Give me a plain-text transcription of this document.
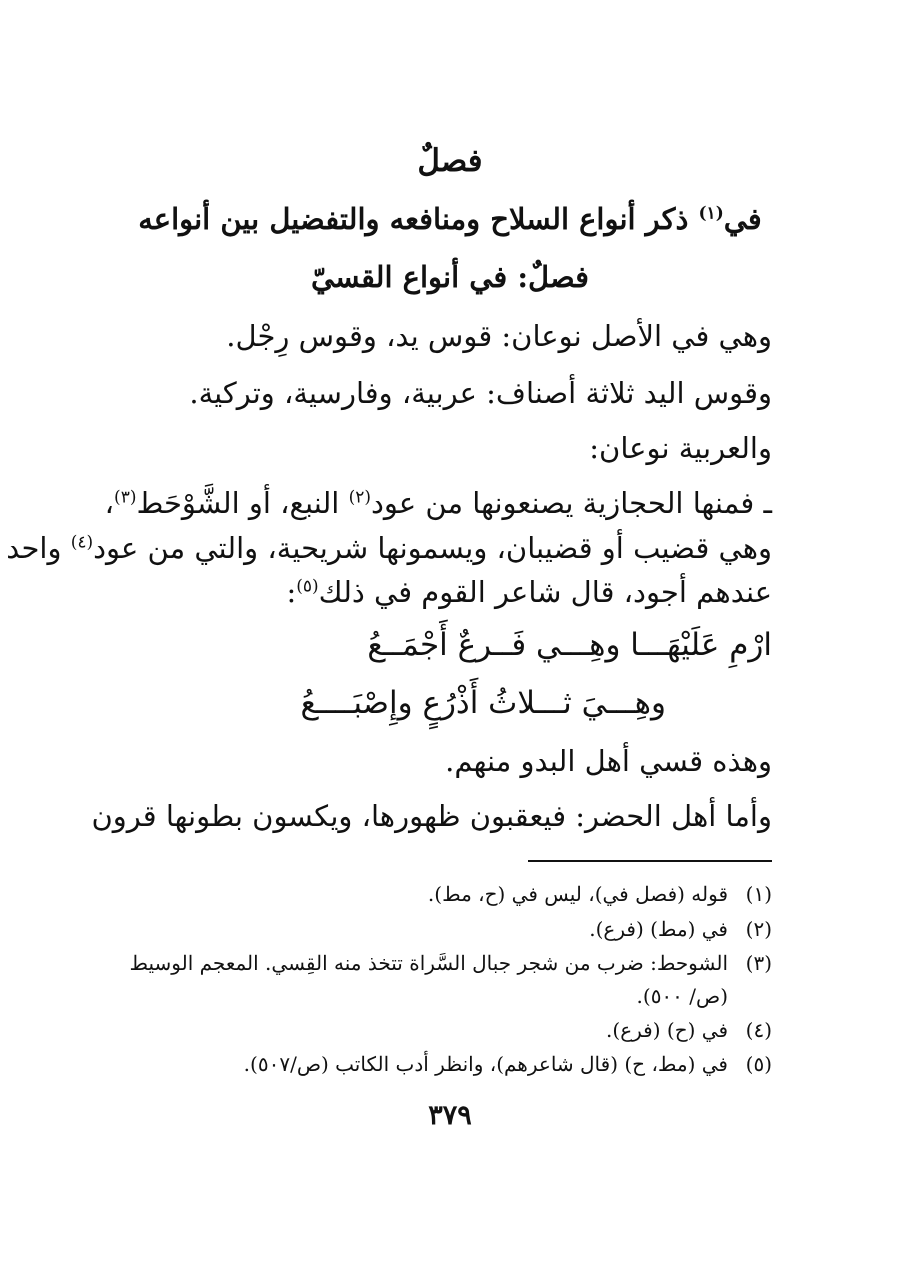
فصلٌ
في$^{(١)}$ ذكر أنواع السلاح ومنافعه والتفضيل بين أنواعه
فصلٌ: في أنواع القسيّ
وهي في الأصل نوعان: قوس يد، وقوس رِجْل.
وقوس اليد ثلاثة أصناف: عربية، وفارسية، وتركية.
والعربية نوعان:
ـ فمنها الحجازية يصنعونها من عود$^{(٢)}$ النبع، أو الشَّوْحَط$^{(٣)}$،
وهي قضيب أو قضيبان، ويسمونها شريحية، والتي من عود$^{(٤)}$ واحد
عندهم أجود، قال شاعر القوم في ذلك$^{(٥)}$:
ارْمِ عَلَيْهَـــا وهِـــي فَــرعٌ أَجْمَــعُ
وهِـــيَ ثـــلاثُ أَذْرُعٍ وإِصْبَــــعُ
وهذه قسي أهل البدو منهم.
وأما أهل الحضر: فيعقبون ظهورها، ويكسون بطونها قرون
(١)قوله (فصل في)، ليس في (ح، مط).
(٢)في (مط) (فرع).
(٣)الشوحط: ضرب من شجر جبال السَّراة تتخذ منه القِسي. المعجم الوسيط
(ص/ ٥٠٠).
(٤)في (ح) (فرع).
(٥)في (مط، ح) (قال شاعرهم)، وانظر أدب الكاتب (ص/٥٠٧).
٣٧٩
